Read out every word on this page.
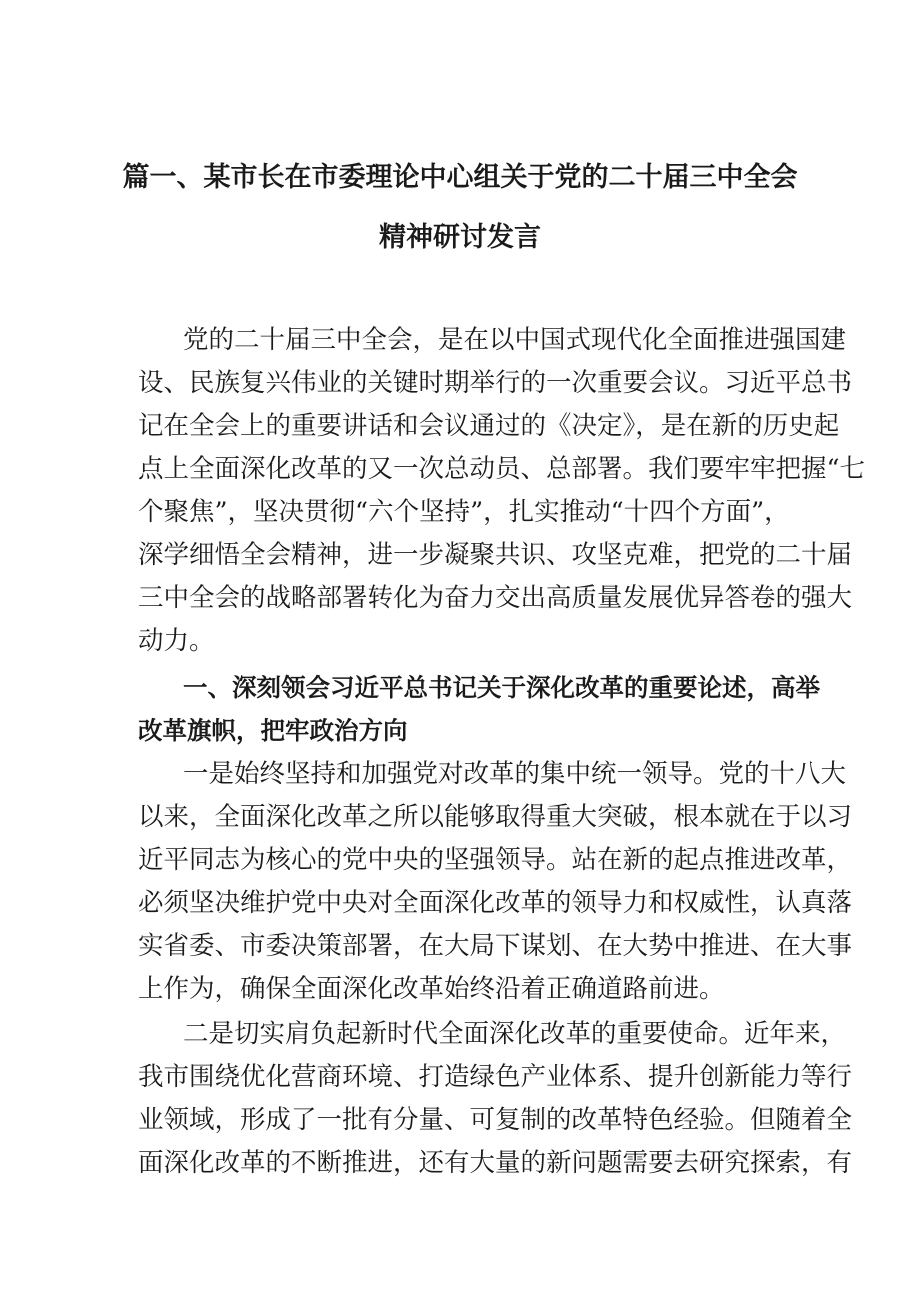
篇一、某市长在市委理论中心组关于党的二十届三中全会
精神研讨发言
党的二十届三中全会，是在以中国式现代化全面推进强国建
设、民族复兴伟业的关键时期举行的一次重要会议。习近平总书
记在全会上的重要讲话和会议通过的《决定》，是在新的历史起
点上全面深化改革的又一次总动员、总部署。我们要牢牢把握“七
个聚焦”，坚决贯彻“六个坚持”，扎实推动“十四个方面”，
深学细悟全会精神，进一步凝聚共识、攻坚克难，把党的二十届
三中全会的战略部署转化为奋力交出高质量发展优异答卷的强大
动力。
一、深刻领会习近平总书记关于深化改革的重要论述，高举
改革旗帜，把牢政治方向
一是始终坚持和加强党对改革的集中统一领导。党的十八大
以来，全面深化改革之所以能够取得重大突破，根本就在于以习
近平同志为核心的党中央的坚强领导。站在新的起点推进改革，
必须坚决维护党中央对全面深化改革的领导力和权威性，认真落
实省委、市委决策部署，在大局下谋划、在大势中推进、在大事
上作为，确保全面深化改革始终沿着正确道路前进。
二是切实肩负起新时代全面深化改革的重要使命。近年来，
我市围绕优化营商环境、打造绿色产业体系、提升创新能力等行
业领域，形成了一批有分量、可复制的改革特色经验。但随着全
面深化改革的不断推进，还有大量的新问题需要去研究探索，有
